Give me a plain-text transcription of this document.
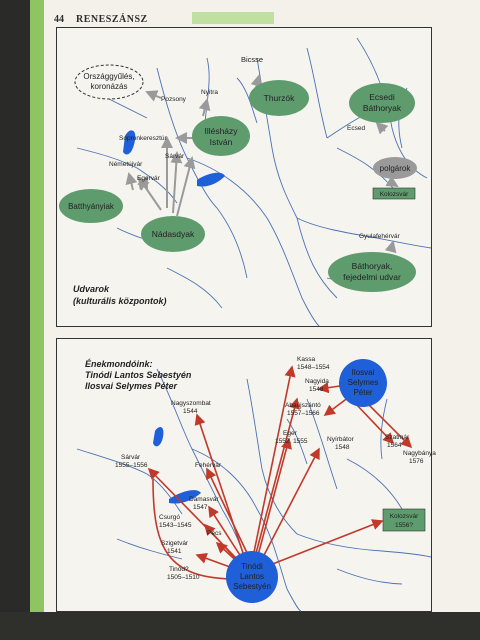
44 RENESZÁNSZ
Országgyűlés,
koronázás
Thurzók	Ecsedi
Báthoryak
Illésházy
István
polgárok
Batthyányiak
Nádasdyak
Báthoryak,
fejedelmi udvar
Kolozsvár
Bicsse
Pozsony
Nyitra
Ecsed
Sopronkeresztúr
Sárvár
Németújvár
Egervár
Gyulafehérvár
Udvarok
(kulturális központok)
Énekmondóink:
Tinódi Lantos Sebestyén
Ilosvai Selymes Péter
Ilosvai
Selymes
Péter
Tinódi
Lantos
Sebestyén
Kolozsvár
1556?
Kassa
1548–1554
Nagyida
1548
Abaújszántó
1557–1566
Nagyszombat
1544
Eger
1552, 1555	Nyírbátor
1548
Szatmár
1564
Nagybánya
1576
Sárvár
1555–1556	Fehérvár
Damasvár
1547
Csurgó
1543–1545
Pécs
Szigetvár
1541
Tinód?
1505–1510
